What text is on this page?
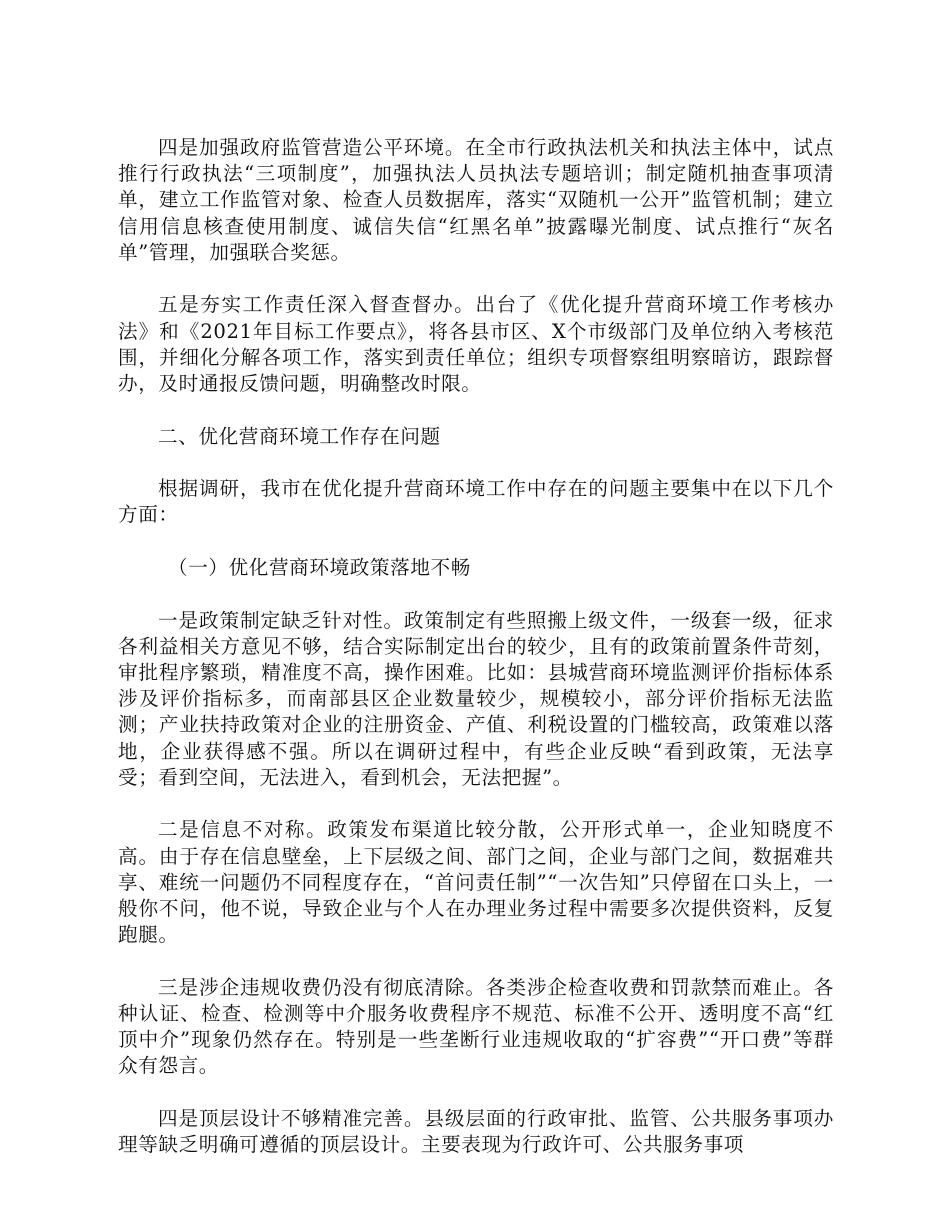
四是加强政府监管营造公平环境。在全市行政执法机关和执法主体中，试点推行行政执法“三项制度”，加强执法人员执法专题培训；制定随机抽查事项清单，建立工作监管对象、检查人员数据库，落实“双随机一公开”监管机制；建立信用信息核查使用制度、诚信失信“红黑名单”披露曝光制度、试点推行“灰名单”管理，加强联合奖惩。

五是夯实工作责任深入督查督办。出台了《优化提升营商环境工作考核办法》和《2021年目标工作要点》，将各县市区、X个市级部门及单位纳入考核范围，并细化分解各项工作，落实到责任单位；组织专项督察组明察暗访，跟踪督办，及时通报反馈问题，明确整改时限。

二、优化营商环境工作存在问题

根据调研，我市在优化提升营商环境工作中存在的问题主要集中在以下几个方面：

（一）优化营商环境政策落地不畅

一是政策制定缺乏针对性。政策制定有些照搬上级文件，一级套一级，征求各利益相关方意见不够，结合实际制定出台的较少，且有的政策前置条件苛刻，审批程序繁琐，精准度不高，操作困难。比如：县城营商环境监测评价指标体系涉及评价指标多，而南部县区企业数量较少，规模较小，部分评价指标无法监测；产业扶持政策对企业的注册资金、产值、利税设置的门槛较高，政策难以落地，企业获得感不强。所以在调研过程中，有些企业反映“看到政策，无法享受；看到空间，无法进入，看到机会，无法把握”。

二是信息不对称。政策发布渠道比较分散，公开形式单一，企业知晓度不高。由于存在信息壁垒，上下层级之间、部门之间，企业与部门之间，数据难共享、难统一问题仍不同程度存在，“首问责任制”“一次告知”只停留在口头上，一般你不问，他不说，导致企业与个人在办理业务过程中需要多次提供资料，反复跑腿。

三是涉企违规收费仍没有彻底清除。各类涉企检查收费和罚款禁而难止。各种认证、检查、检测等中介服务收费程序不规范、标准不公开、透明度不高“红顶中介”现象仍然存在。特别是一些垄断行业违规收取的“扩容费”“开口费”等群众有怨言。

四是顶层设计不够精准完善。县级层面的行政审批、监管、公共服务事项办理等缺乏明确可遵循的顶层设计。主要表现为行政许可、公共服务事项
